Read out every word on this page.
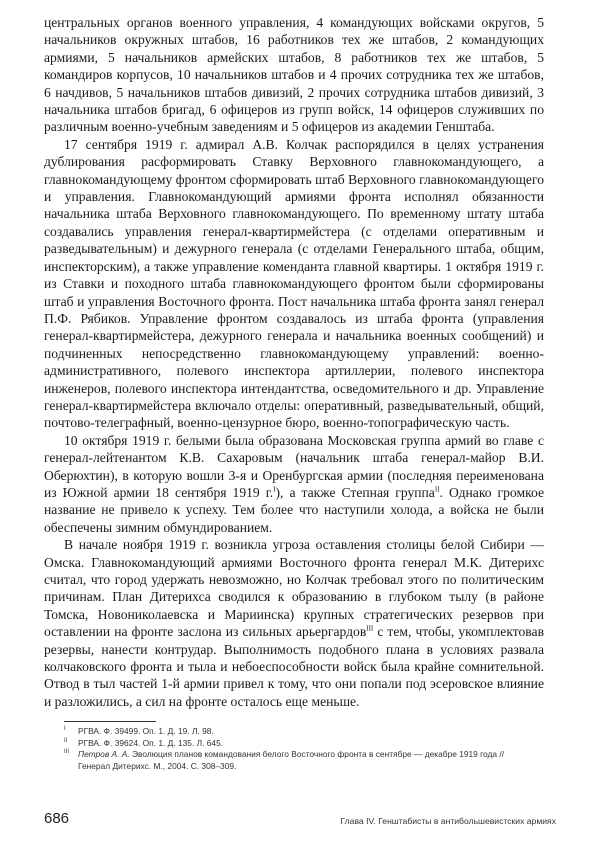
центральных органов военного управления, 4 командующих войсками округов, 5 начальников окружных штабов, 16 работников тех же штабов, 2 командующих армиями, 5 начальников армейских штабов, 8 работников тех же штабов, 5 командиров корпусов, 10 начальников штабов и 4 прочих сотрудника тех же штабов, 6 начдивов, 5 начальников штабов дивизий, 2 прочих сотрудника штабов дивизий, 3 начальника штабов бригад, 6 офицеров из групп войск, 14 офицеров служивших по различным военно-учебным заведениям и 5 офицеров из академии Генштаба.

17 сентября 1919 г. адмирал А.В. Колчак распорядился в целях устранения дублирования расформировать Ставку Верховного главнокомандующего, а главнокомандующему фронтом сформировать штаб Верховного главнокомандующего и управления. Главнокомандующий армиями фронта исполнял обязанности начальника штаба Верховного главнокомандующего. По временному штату штаба создавались управления генерал-квартирмейстера (с отделами оперативным и разведывательным) и дежурного генерала (с отделами Генерального штаба, общим, инспекторским), а также управление коменданта главной квартиры. 1 октября 1919 г. из Ставки и походного штаба главнокомандующего фронтом были сформированы штаб и управления Восточного фронта. Пост начальника штаба фронта занял генерал П.Ф. Рябиков. Управление фронтом создавалось из штаба фронта (управления генерал-квартирмейстера, дежурного генерала и начальника военных сообщений) и подчиненных непосредственно главнокомандующему управлений: военно-административного, полевого инспектора артиллерии, полевого инспектора инженеров, полевого инспектора интендантства, осведомительного и др. Управление генерал-квартирмейстера включало отделы: оперативный, разведывательный, общий, почтово-телеграфный, военно-цензурное бюро, военно-топографическую часть.

10 октября 1919 г. белыми была образована Московская группа армий во главе с генерал-лейтенантом К.В. Сахаровым (начальник штаба генерал-майор В.И. Оберюхтин), в которую вошли 3-я и Оренбургская армии (последняя переименована из Южной армии 18 сентября 1919 г.$^I$), а также Степная группа$^{II}$. Однако громкое название не привело к успеху. Тем более что наступили холода, а войска не были обеспечены зимним обмундированием.

В начале ноября 1919 г. возникла угроза оставления столицы белой Сибири — Омска. Главнокомандующий армиями Восточного фронта генерал М.К. Дитерихс считал, что город удержать невозможно, но Колчак требовал этого по политическим причинам. План Дитерихса сводился к образованию в глубоком тылу (в районе Томска, Новониколаевска и Мариинска) крупных стратегических резервов при оставлении на фронте заслона из сильных арьергардов$^{III}$ с тем, чтобы, укомплектовав резервы, нанести контрудар. Выполнимость подобного плана в условиях развала колчаковского фронта и тыла и небоеспособности войск была крайне сомнительной. Отвод в тыл частей 1-й армии привел к тому, что они попали под эсеровское влияние и разложились, а сил на фронте осталось еще меньше.

I РГВА. Ф. 39499. Оп. 1. Д. 19. Л. 98.
II РГВА. Ф. 39624. Оп. 1. Д. 135. Л. 645.
III Петров А. А. Эволюция планов командования белого Восточного фронта в сентябре — декабре 1919 года // Генерал Дитерихс. М., 2004. С. 308–309.
686	Глава IV. Генштабисты в антибольшевистских армиях
